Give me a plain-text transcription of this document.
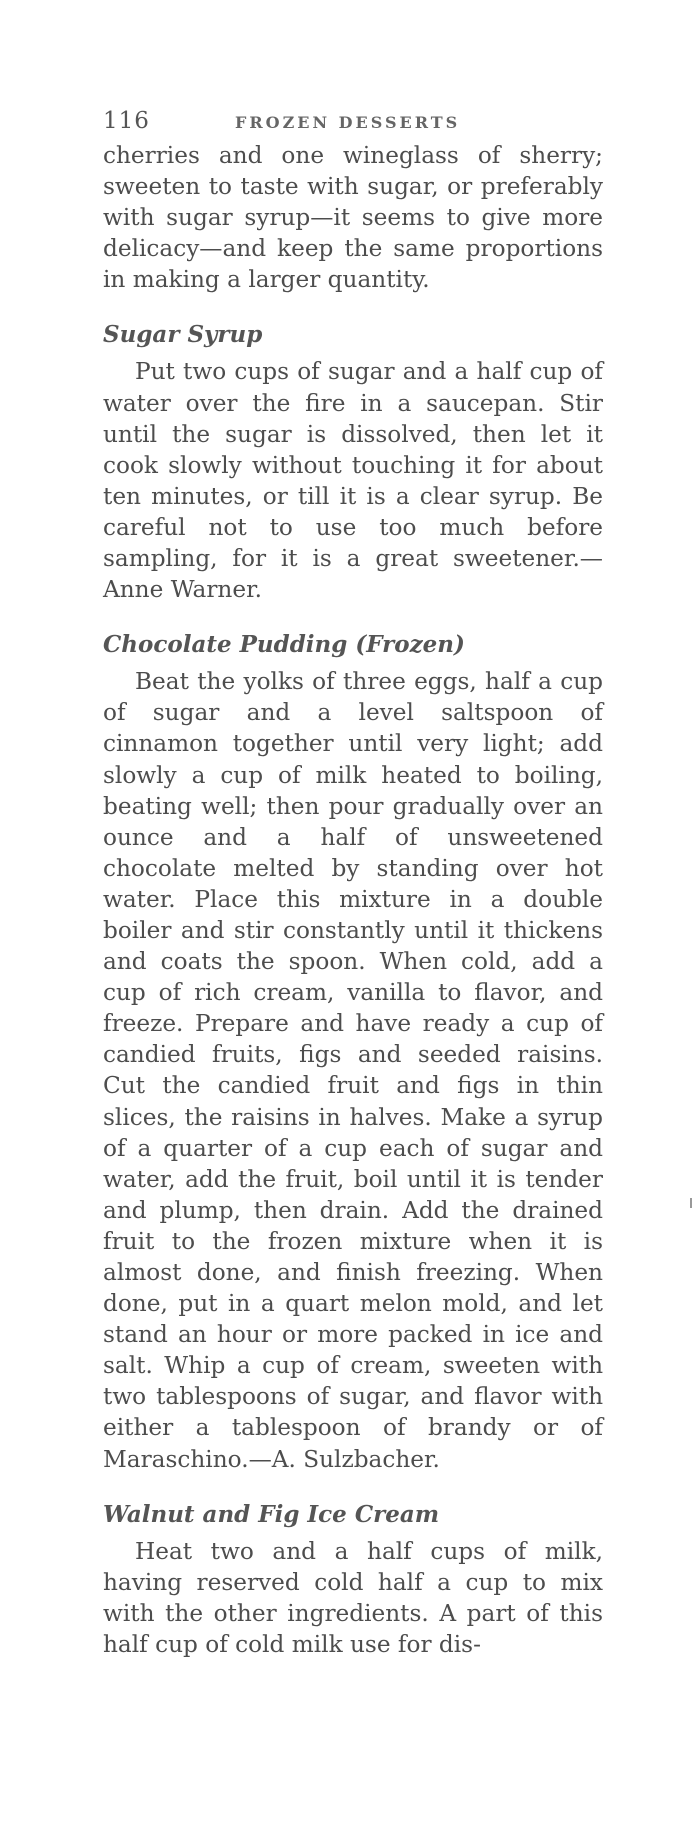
116	FROZEN DESSERTS

cherries and one wineglass of sherry; sweeten to taste with sugar, or preferably with sugar syrup—it seems to give more delicacy—and keep the same proportions in making a larger quantity.

Sugar Syrup

Put two cups of sugar and a half cup of water over the fire in a saucepan. Stir until the sugar is dissolved, then let it cook slowly without touching it for about ten minutes, or till it is a clear syrup. Be careful not to use too much before sampling, for it is a great sweetener.—Anne Warner.

Chocolate Pudding (Frozen)

Beat the yolks of three eggs, half a cup of sugar and a level saltspoon of cinnamon together until very light; add slowly a cup of milk heated to boiling, beating well; then pour gradually over an ounce and a half of unsweetened chocolate melted by standing over hot water. Place this mixture in a double boiler and stir constantly until it thickens and coats the spoon. When cold, add a cup of rich cream, vanilla to flavor, and freeze. Prepare and have ready a cup of candied fruits, figs and seeded raisins. Cut the candied fruit and figs in thin slices, the raisins in halves. Make a syrup of a quarter of a cup each of sugar and water, add the fruit, boil until it is tender and plump, then drain. Add the drained fruit to the frozen mixture when it is almost done, and finish freezing. When done, put in a quart melon mold, and let stand an hour or more packed in ice and salt. Whip a cup of cream, sweeten with two tablespoons of sugar, and flavor with either a tablespoon of brandy or of Maraschino.—A. Sulzbacher.

Walnut and Fig Ice Cream

Heat two and a half cups of milk, having reserved cold half a cup to mix with the other ingredients. A part of this half cup of cold milk use for dis-
